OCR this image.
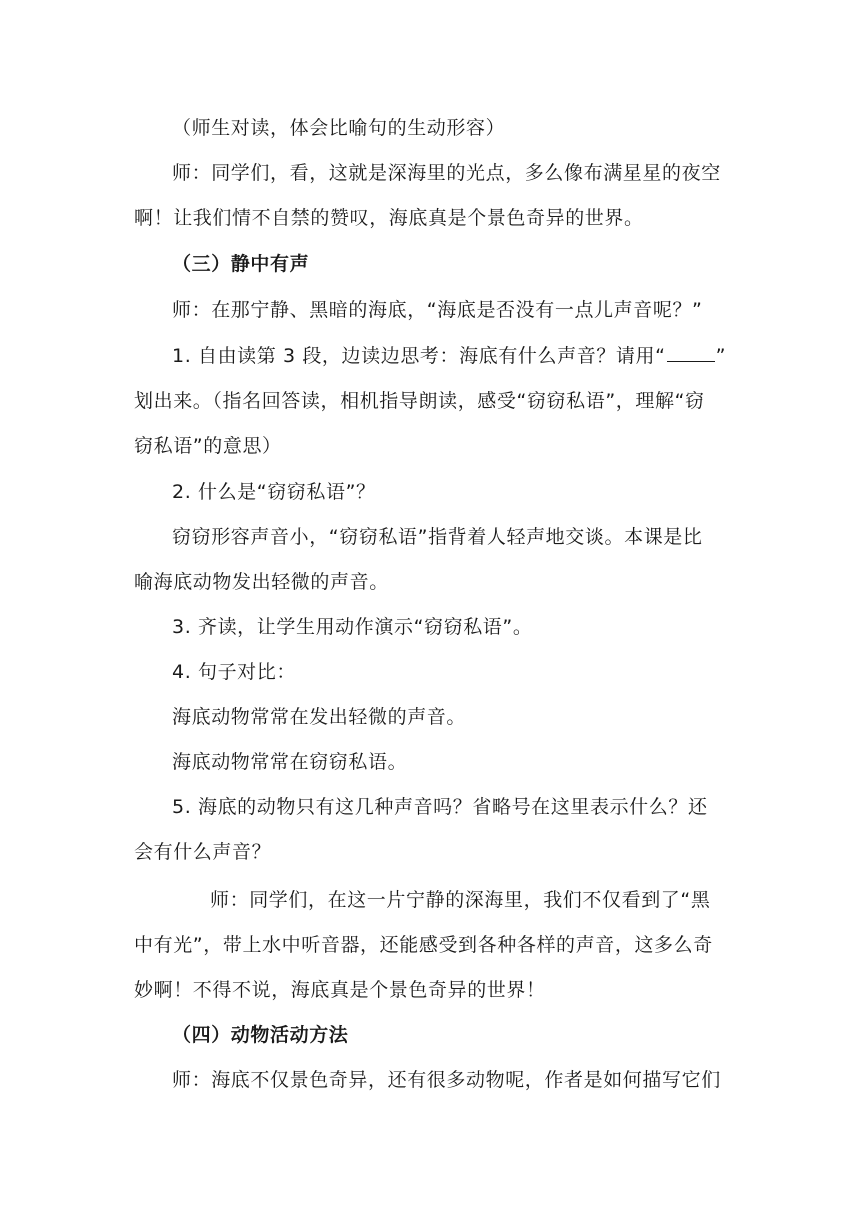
（师生对读，体会比喻句的生动形容）
师：同学们，看，这就是深海里的光点，多么像布满星星的夜空
啊！让我们情不自禁的赞叹，海底真是个景色奇异的世界。
（三）静中有声
师：在那宁静、黑暗的海底，“海底是否没有一点儿声音呢？”
1. 自由读第 3 段，边读边思考：海底有什么声音？请用“	”
划出来。（指名回答读，相机指导朗读，感受“窃窃私语”，理解“窃
窃私语”的意思）
2. 什么是“窃窃私语”？
窃窃形容声音小，“窃窃私语”指背着人轻声地交谈。本课是比
喻海底动物发出轻微的声音。
3. 齐读，让学生用动作演示“窃窃私语”。
4. 句子对比：
海底动物常常在发出轻微的声音。
海底动物常常在窃窃私语。
5. 海底的动物只有这几种声音吗？省略号在这里表示什么？还
会有什么声音？
师：同学们，在这一片宁静的深海里，我们不仅看到了“黑
中有光”，带上水中听音器，还能感受到各种各样的声音，这多么奇
妙啊！不得不说，海底真是个景色奇异的世界！
（四）动物活动方法
师：海底不仅景色奇异，还有很多动物呢，作者是如何描写它们
